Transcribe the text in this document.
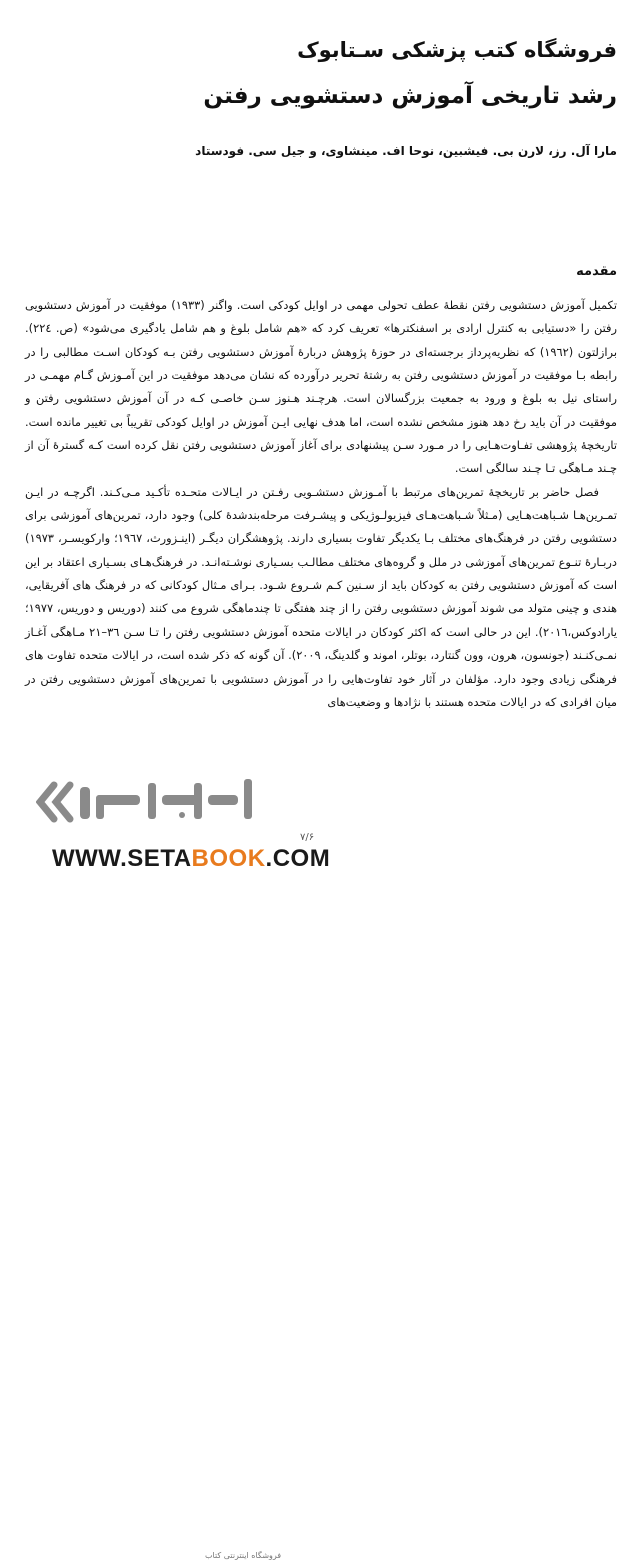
فروشگاه کتب پزشکی سـتابوک
رشد تاریخی آموزش دستشویی رفتن
مارا آل. رز، لارن بی. فیشبین، نوحا اف. مینشاوی، و جیل سی. فودستاد
مقدمه

تکمیل آموزش دستشویی رفتن نقطهٔ عطف تحولی مهمی در اوایل کودکی است. واگنر (۱۹۳۳) موفقیت در آموزش دستشویی رفتن را «دستیابی به کنترل ارادی بر اسفنکترها» تعریف کرد که «هم شامل بلوغ و هم شامل یادگیری می‌شود» (ص. ۲۲٤). برازلتون (۱۹٦۲) که نظریه‌پرداز برجسته‌ای در حوزهٔ پژوهش دربارهٔ آموزش دستشویی رفتن بـه کودکان اسـت مطالبی را در رابطه بـا موفقیت در آموزش دستشویی رفتن به رشتهٔ تحریر درآورده که نشان می‌دهد موفقیت در این آمـوزش گـام مهمـی در راستای نیل به بلوغ و ورود به جمعیت بزرگسالان است. هرچـند هـنوز سـن خاصـی کـه در آن آموزش دستشویی رفتن و موفقیت در آن باید رخ دهد هنوز مشخص نشده است، اما هدف نهایی ایـن آموزش در اوایل کودکی تقریباً بی تغییر مانده است. تاریخچهٔ پژوهشی تفـاوت‌هـایی را در مـورد سـن پیشنهادی برای آغاز آموزش دستشویی رفتن نقل کرده است کـه گسترهٔ آن از چـند مـاهگی تـا چـند سالگی است.

فصل حاضر بر تاریخچهٔ تمرین‌های مرتبط با آمـوزش دستشـویی رفـتن در ایـالات متحـده تأکـید مـی‌کـند. اگرچـه در ایـن تمـرین‌هـا شـباهت‌هـایی (مـثلاً شـباهت‌هـای فیزیولـوژیکی و پیشـرفت مرحله‌بندشدهٔ کلی) وجود دارد، تمرین‌های آموزشی برای دستشویی رفتن در فرهنگ‌های مختلف بـا یکدیگر تفاوت بسیاری دارند. پژوهشگران دیگـر (اینـزورث، ۱۹٦۷؛ وارکویسـر، ۱۹۷۳) دربـارهٔ تنـوع تمرین‌های آموزشی در ملل و گروه‌های مختلف مطالـب بسـیاری نوشـته‌انـد. در فرهنگ‌هـای بسـیاری اعتقاد بر این است که آموزش دستشویی رفتن به کودکان باید از سـنین کـم شـروع شـود. بـرای مـثال کودکانی که در فرهنگ های آفریقایی، هندی و چینی متولد می شوند آموزش دستشویی رفتن را از چند هفتگی تا چندماهگی شروع می کنند (دوریس و دوریس، ۱۹۷۷؛ یارادوکس،۲۰۱٦). این در حالی است که اکثر کودکان در ایالات متحده آموزش دستشویی رفتن را تـا سـن ۳٦–۲۱ مـاهگی آغـاز نمـی‌کنـند (جونسون، هرون، وون گنتارد، بوتلر، اموند و گلدینگ، ۲۰۰۹). آن گونه که ذکر شده است، در ایالات متحده تفاوت های فرهنگی زیادی وجود دارد. مؤلفان در آثار خود تفاوت‌هایی را در آموزش دستشویی با تمرین‌های آموزش دستشویی رفتن در میان افرادی که در ایالات متحده هستند با نژادها و وضعیت‌های

۷/۶
فروشگاه اینترنتی کتاب
WWW.SETABOOK.COM
